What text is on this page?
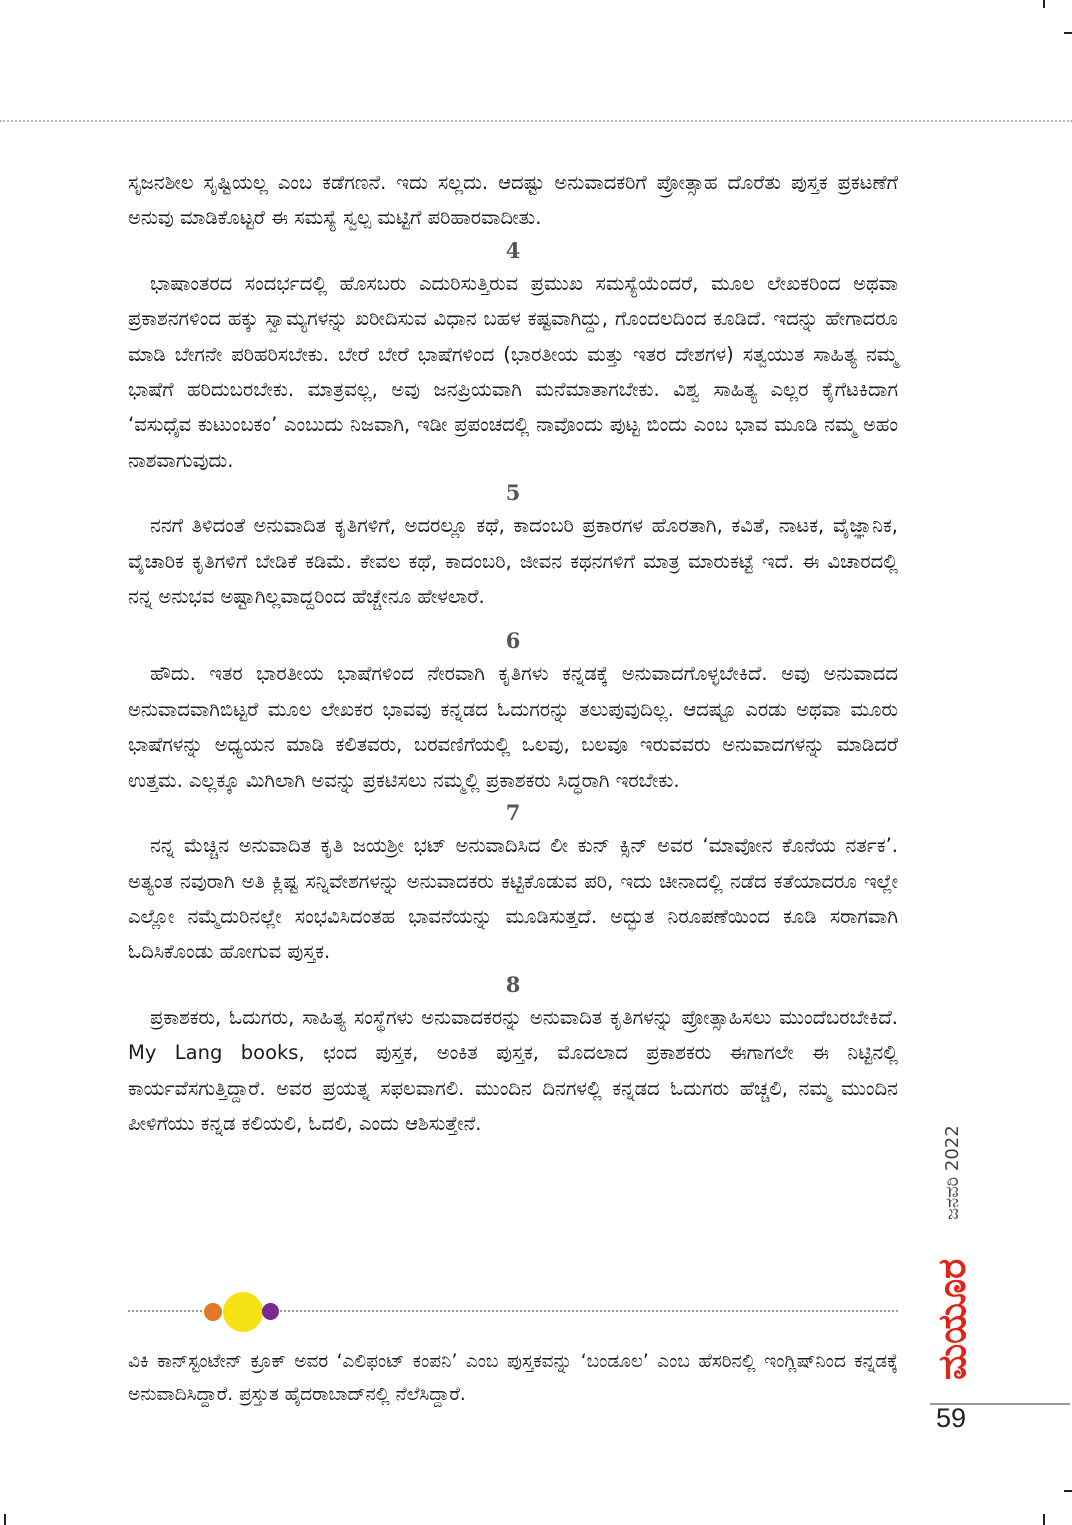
ಸೃಜನಶೀಲ ಸೃಷ್ಟಿಯಲ್ಲ ಎಂಬ ಕಡೆಗಣನೆ. ಇದು ಸಲ್ಲದು. ಆದಷ್ಟು ಅನುವಾದಕರಿಗೆ ಪ್ರೋತ್ಸಾಹ ದೊರೆತು ಪುಸ್ತಕ ಪ್ರಕಟಣೆಗೆ ಅನುವು ಮಾಡಿಕೊಟ್ಟರೆ ಈ ಸಮಸ್ಯೆ ಸ್ವಲ್ಪ ಮಟ್ಟಿಗೆ ಪರಿಹಾರವಾದೀತು.

4

ಭಾಷಾಂತರದ ಸಂದರ್ಭದಲ್ಲಿ ಹೊಸಬರು ಎದುರಿಸುತ್ತಿರುವ ಪ್ರಮುಖ ಸಮಸ್ಯೆಯೆಂದರೆ, ಮೂಲ ಲೇಖಕರಿಂದ ಅಥವಾ ಪ್ರಕಾಶನಗಳಿಂದ ಹಕ್ಕು ಸ್ವಾಮ್ಯಗಳನ್ನು ಖರೀದಿಸುವ ವಿಧಾನ ಬಹಳ ಕಷ್ಟವಾಗಿದ್ದು, ಗೊಂದಲದಿಂದ ಕೂಡಿದೆ. ಇದನ್ನು ಹೇಗಾದರೂ ಮಾಡಿ ಬೇಗನೇ ಪರಿಹರಿಸಬೇಕು. ಬೇರೆ ಬೇರೆ ಭಾಷೆಗಳಿಂದ (ಭಾರತೀಯ ಮತ್ತು ಇತರ ದೇಶಗಳ) ಸತ್ವಯುತ ಸಾಹಿತ್ಯ ನಮ್ಮ ಭಾಷೆಗೆ ಹರಿದುಬರಬೇಕು. ಮಾತ್ರವಲ್ಲ, ಅವು ಜನಪ್ರಿಯವಾಗಿ ಮನೆಮಾತಾಗಬೇಕು. ವಿಶ್ವ ಸಾಹಿತ್ಯ ಎಲ್ಲರ ಕೈಗೆಟಕಿದಾಗ ‘ವಸುಧೈವ ಕುಟುಂಬಕಂ’ ಎಂಬುದು ನಿಜವಾಗಿ, ಇಡೀ ಪ್ರಪಂಚದಲ್ಲಿ ನಾವೊಂದು ಪುಟ್ಟ ಬಿಂದು ಎಂಬ ಭಾವ ಮೂಡಿ ನಮ್ಮ ಅಹಂ ನಾಶವಾಗುವುದು.

5

ನನಗೆ ತಿಳಿದಂತೆ ಅನುವಾದಿತ ಕೃತಿಗಳಿಗೆ, ಅದರಲ್ಲೂ ಕಥೆ, ಕಾದಂಬರಿ ಪ್ರಕಾರಗಳ ಹೊರತಾಗಿ, ಕವಿತೆ, ನಾಟಕ, ವೈಜ್ಞಾನಿಕ, ವೈಚಾರಿಕ ಕೃತಿಗಳಿಗೆ ಬೇಡಿಕೆ ಕಡಿಮೆ. ಕೇವಲ ಕಥೆ, ಕಾದಂಬರಿ, ಜೀವನ ಕಥನಗಳಿಗೆ ಮಾತ್ರ ಮಾರುಕಟ್ಟೆ ಇದೆ. ಈ ವಿಚಾರದಲ್ಲಿ ನನ್ನ ಅನುಭವ ಅಷ್ಟಾಗಿಲ್ಲವಾದ್ದರಿಂದ ಹೆಚ್ಚೇನೂ ಹೇಳಲಾರೆ.

6

ಹೌದು. ಇತರ ಭಾರತೀಯ ಭಾಷೆಗಳಿಂದ ನೇರವಾಗಿ ಕೃತಿಗಳು ಕನ್ನಡಕ್ಕೆ ಅನುವಾದಗೊಳ್ಳಬೇಕಿದೆ. ಅವು ಅನುವಾದದ ಅನುವಾದವಾಗಿಬಿಟ್ಟರೆ ಮೂಲ ಲೇಖಕರ ಭಾವವು ಕನ್ನಡದ ಓದುಗರನ್ನು ತಲುಪುವುದಿಲ್ಲ. ಆದಷ್ಟೂ ಎರಡು ಅಥವಾ ಮೂರು ಭಾಷೆಗಳನ್ನು ಅಧ್ಯಯನ ಮಾಡಿ ಕಲಿತವರು, ಬರವಣಿಗೆಯಲ್ಲಿ ಒಲವು, ಬಲವೂ ಇರುವವರು ಅನುವಾದಗಳನ್ನು ಮಾಡಿದರೆ ಉತ್ತಮ. ಎಲ್ಲಕ್ಕೂ ಮಿಗಿಲಾಗಿ ಅವನ್ನು ಪ್ರಕಟಿಸಲು ನಮ್ಮಲ್ಲಿ ಪ್ರಕಾಶಕರು ಸಿದ್ಧರಾಗಿ ಇರಬೇಕು.

7

ನನ್ನ ಮೆಚ್ಚಿನ ಅನುವಾದಿತ ಕೃತಿ ಜಯಶ್ರೀ ಭಟ್ ಅನುವಾದಿಸಿದ ಲೀ ಕುನ್ ಕ್ಸಿನ್ ಅವರ ‘ಮಾವೋನ ಕೊನೆಯ ನರ್ತಕ’. ಅತ್ಯಂತ ನವುರಾಗಿ ಅತಿ ಕ್ಲಿಷ್ಟ ಸನ್ನಿವೇಶಗಳನ್ನು ಅನುವಾದಕರು ಕಟ್ಟಿಕೊಡುವ ಪರಿ, ಇದು ಚೀನಾದಲ್ಲಿ ನಡೆದ ಕತೆಯಾದರೂ ಇಲ್ಲೇ ಎಲ್ಲೋ ನಮ್ಮೆದುರಿನಲ್ಲೇ ಸಂಭವಿಸಿದಂತಹ ಭಾವನೆಯನ್ನು ಮೂಡಿಸುತ್ತದೆ. ಅದ್ಭುತ ನಿರೂಪಣೆಯಿಂದ ಕೂಡಿ ಸರಾಗವಾಗಿ ಓದಿಸಿಕೊಂಡು ಹೋಗುವ ಪುಸ್ತಕ.

8

ಪ್ರಕಾಶಕರು, ಓದುಗರು, ಸಾಹಿತ್ಯ ಸಂಸ್ಥೆಗಳು ಅನುವಾದಕರನ್ನು ಅನುವಾದಿತ ಕೃತಿಗಳನ್ನು ಪ್ರೋತ್ಸಾಹಿಸಲು ಮುಂದೆಬರಬೇಕಿದೆ. My Lang books, ಛಂದ ಪುಸ್ತಕ, ಅಂಕಿತ ಪುಸ್ತಕ, ಮೊದಲಾದ ಪ್ರಕಾಶಕರು ಈಗಾಗಲೇ ಈ ನಿಟ್ಟಿನಲ್ಲಿ ಕಾರ್ಯವೆಸಗುತ್ತಿದ್ದಾರೆ. ಅವರ ಪ್ರಯತ್ನ ಸಫಲವಾಗಲಿ. ಮುಂದಿನ ದಿನಗಳಲ್ಲಿ ಕನ್ನಡದ ಓದುಗರು ಹೆಚ್ಚಲಿ, ನಮ್ಮ ಮುಂದಿನ ಪೀಳಿಗೆಯು ಕನ್ನಡ ಕಲಿಯಲಿ, ಓದಲಿ, ಎಂದು ಆಶಿಸುತ್ತೇನೆ.

ವಿಕಿ ಕಾನ್‌ಸ್ಟಂಟೇನ್ ಕ್ರೂಕ್ ಅವರ ‘ಎಲಿಫಂಟ್ ಕಂಪನಿ’ ಎಂಬ ಪುಸ್ತಕವನ್ನು ‘ಬಂಡೂಲ’ ಎಂಬ ಹೆಸರಿನಲ್ಲಿ ಇಂಗ್ಲಿಷ್‌ನಿಂದ ಕನ್ನಡಕ್ಕೆ ಅನುವಾದಿಸಿದ್ದಾರೆ. ಪ್ರಸ್ತುತ ಹೈದರಾಬಾದ್‌ನಲ್ಲಿ ನೆಲೆಸಿದ್ದಾರೆ.

ಜನವರಿ 2022
ಮಯೂರ
59
